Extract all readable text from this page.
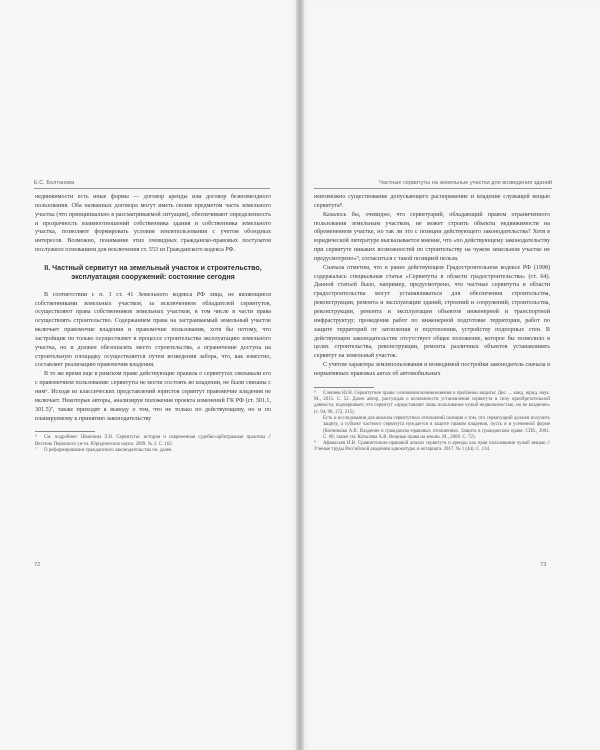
Е.С. Болтанова

недвижимости есть иные формы — договор аренды или договор безвозмездного пользования. Оба названных договора могут иметь своим предметом часть земельного участка (что принципиально в рассматриваемой ситуации), обеспечивают определенность и прозрачность взаимоотношений собственника здания и собственника земельного участка, позволяют формировать условия землепользования с учетом обоюдных интересов. Возможно, понимание этих очевидных гражданско-правовых постулатов послужило основанием для исключения ст. 553 из Гражданского кодекса РФ.

II. Частный сервитут на земельный участок и строительство, эксплуатация сооружений: состояние сегодня

В соответствии с п. 1 ст. 41 Земельного кодекса РФ лица, не являющиеся собственниками земельных участков, за исключением обладателей сервитутов, осуществляют права собственников земельных участков, в том числе в части права осуществлять строительство. Содержанием права на застраиваемый земельный участок включает правомочие владения и правомочие пользования, хотя бы потому, что застройщик по только осуществляет в процессе строительства эксплуатацию земельного участка, но и должен обезопасить место строительства, а ограничение доступа на строительную площадку осуществляется путем возведения забора, что, как известно, составляет реализацию правомочия владения.

В то же время еще в римском праве действующие правила о сервитутах связывали его с правомочием пользования: сервитуты не могли состоять во владении, не были связаны с ним⁶. Исходя из классических представлений юристов сервитут правомочие владения не включает. Некоторые авторы, анализируя положения проекта изменений ГК РФ (ст. 301.1, 301.5)⁷, также приходят к выводу о том, что не только по действующему, но и по планируемому к принятию законодательству

⁶ См. подробнее: Шмонина Л.В. Сервитуты: история и современная судебно-арбитражная практика // Вестник Пермского ун-та. Юридические науки. 2009. № 2. С. 162.
⁷ О реформировании гражданского законодательства см. далее.
72

невозможно существование допускающего распоряжение и владение служащей вещью сервитута⁸.

Казалось бы, очевидно, что сервитуарий, обладающий правом ограниченного пользования земельным участком, не может строить объекты недвижимости на обремененном участке, но так ли это с позиции действующего законодательства? Хотя в юридической литературе высказывается мнение, что «по действующему законодательству при сервитуте никаких возможностей по строительству на чужом земельном участке не предусмотрено»⁹, согласиться с такой позицией нельзя.

Сначала отметим, что в ранее действующем Градостроительном кодексе РФ (1998) содержалась специальная статья «Сервитуты в области градостроительства» (ст. 64). Данной статьей было, например, предусмотрено, что частные сервитуты в области градостроительства могут устанавливаться для обеспечения строительства, реконструкции, ремонта и эксплуатации зданий, строений и сооружений; строительства, реконструкции, ремонта и эксплуатации объектов инженерной и транспортной инфраструктур; проведения работ по инженерной подготовке территории, работ по защите территорий от затопления и подтопления, устройству подпорных стен. В действующем законодательстве отсутствует общее положение, которое бы позволило в целях строительства, реконструкции, ремонта различных объектов устанавливать сервитут на земельный участок.

С учетом характера землепользования и возводимой постройки законодатель сначала в нормативных правовых актах об автомобильных

⁸ Слепнев Ю.Н. Сервитутное право: основания возникновения и проблемы защиты: Дис. ... канд. юрид. наук. М., 2015. С. 52. Далее автор, рассуждая о возможности установления сервитута в силу приобретательной давности, подчеркивает, что сервитут «представляет лишь пользование чужой недвижимостью, но не владение» (с. 94, 98, 172, 215).
Есть и исследования для анализа сервитутных отношений позиция о том, что сервитуарий должен получить защиту, а субъект частного сервитута нуждается в защите правом владения, пусть и в усеченной форме (Конникова А.В. Владение в гражданско-правовых отношениях. Защита в гражданском праве. СПб., 2001. С. 68; также см: Котылева А.В. Вещные права на землю. М., 2000. С. 72).
⁹ Афанасьев И.В. Сравнительно-правовой анализ сервитута и аренды как прав пользования чужой вещью // Ученые труды Российской академии адвокатуры и нотариата. 2017. № 1 (44). С. 134.
Частные сервитуты на земельные участки для возведения зданий
73
